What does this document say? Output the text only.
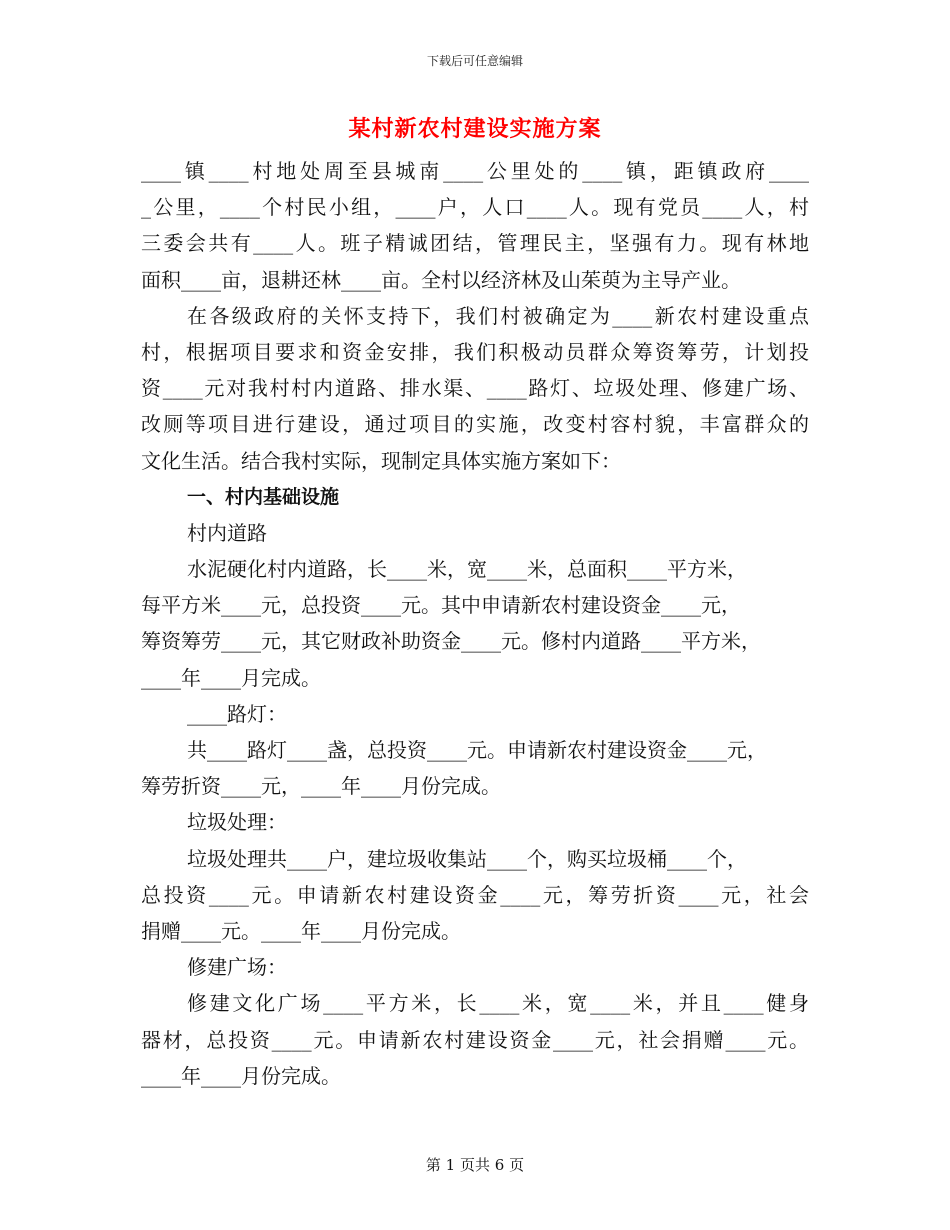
下载后可任意编辑
某村新农村建设实施方案
____镇____村地处周至县城南____公里处的____镇，距镇政府____
_公里，____个村民小组，____户，人口____人。现有党员____人，村
三委会共有____人。班子精诚团结，管理民主，坚强有力。现有林地
面积____亩，退耕还林____亩。全村以经济林及山茱萸为主导产业。
在各级政府的关怀支持下，我们村被确定为____新农村建设重点
村，根据项目要求和资金安排，我们积极动员群众筹资筹劳，计划投
资____元对我村村内道路、排水渠、____路灯、垃圾处理、修建广场、
改厕等项目进行建设，通过项目的实施，改变村容村貌，丰富群众的
文化生活。结合我村实际，现制定具体实施方案如下：
一、村内基础设施
村内道路
水泥硬化村内道路，长____米，宽____米，总面积____平方米，
每平方米____元，总投资____元。其中申请新农村建设资金____元，
筹资筹劳____元，其它财政补助资金____元。修村内道路____平方米，
____年____月完成。
____路灯：
共____路灯____盏，总投资____元。申请新农村建设资金____元，
筹劳折资____元，____年____月份完成。
垃圾处理：
垃圾处理共____户，建垃圾收集站____个，购买垃圾桶____个，
总投资____元。申请新农村建设资金____元，筹劳折资____元，社会
捐赠____元。____年____月份完成。
修建广场：
修建文化广场____平方米，长____米，宽____米，并且____健身
器材，总投资____元。申请新农村建设资金____元，社会捐赠____元。
____年____月份完成。
第 1 页共 6 页
